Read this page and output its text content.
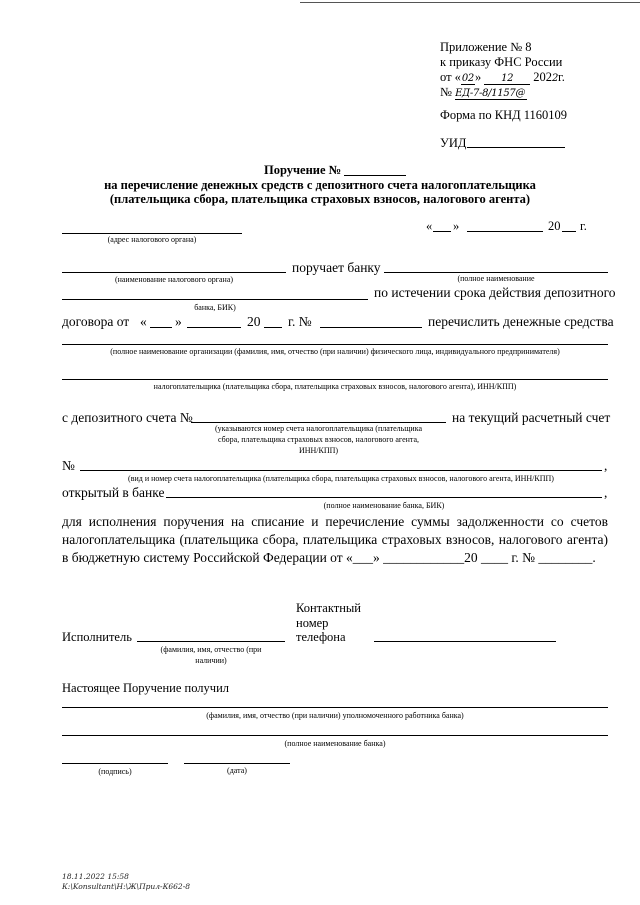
Приложение № 8
к приказу ФНС России
от «02» 12 2022г.
№ ЕД-7-8/1157@
Форма по КНД 1160109
УИД
Поручение №
на перечисление денежных средств с депозитного счета налогоплательщика
(плательщика сбора, плательщика страховых взносов, налогового агента)
(адрес налогового органа)
« »	20 г.
(наименование налогового органа)
поручает банку
(полное наименование
банка, БИК)
по истечении срока действия депозитного
договора от « »	20 г. №	перечислить денежные средства
(полное наименование организации (фамилия, имя, отчество (при наличии) физического лица, индивидуального предпринимателя)
налогоплательщика (плательщика сбора, плательщика страховых взносов, налогового агента), ИНН/КПП)
с депозитного счета №	на текущий расчетный счет
(указываются номер счета налогоплательщика (плательщика
сбора, плательщика страховых взносов, налогового агента,
ИНН/КПП)
№	,
(вид и номер счета налогоплательщика (плательщика сбора, плательщика страховых взносов, налогового агента, ИНН/КПП)
открытый в банке	,
(полное наименование банка, БИК)
для исполнения поручения на списание и перечисление суммы задолженности со счетов налогоплательщика (плательщика сбора, плательщика страховых взносов, налогового агента) в бюджетную систему Российской Федерации от «___» ____________20 ____ г. № ________.
Контактный
номер
телефона
Исполнитель
(фамилия, имя, отчество (при
наличии)
Настоящее Поручение получил
(фамилия, имя, отчество (при наличии) уполномоченного работника банка)
(полное наименование банка)
(подпись)	(дата)
18.11.2022 15:58
К:\Konsultant\Н:\Ж\Прил-К662-8
